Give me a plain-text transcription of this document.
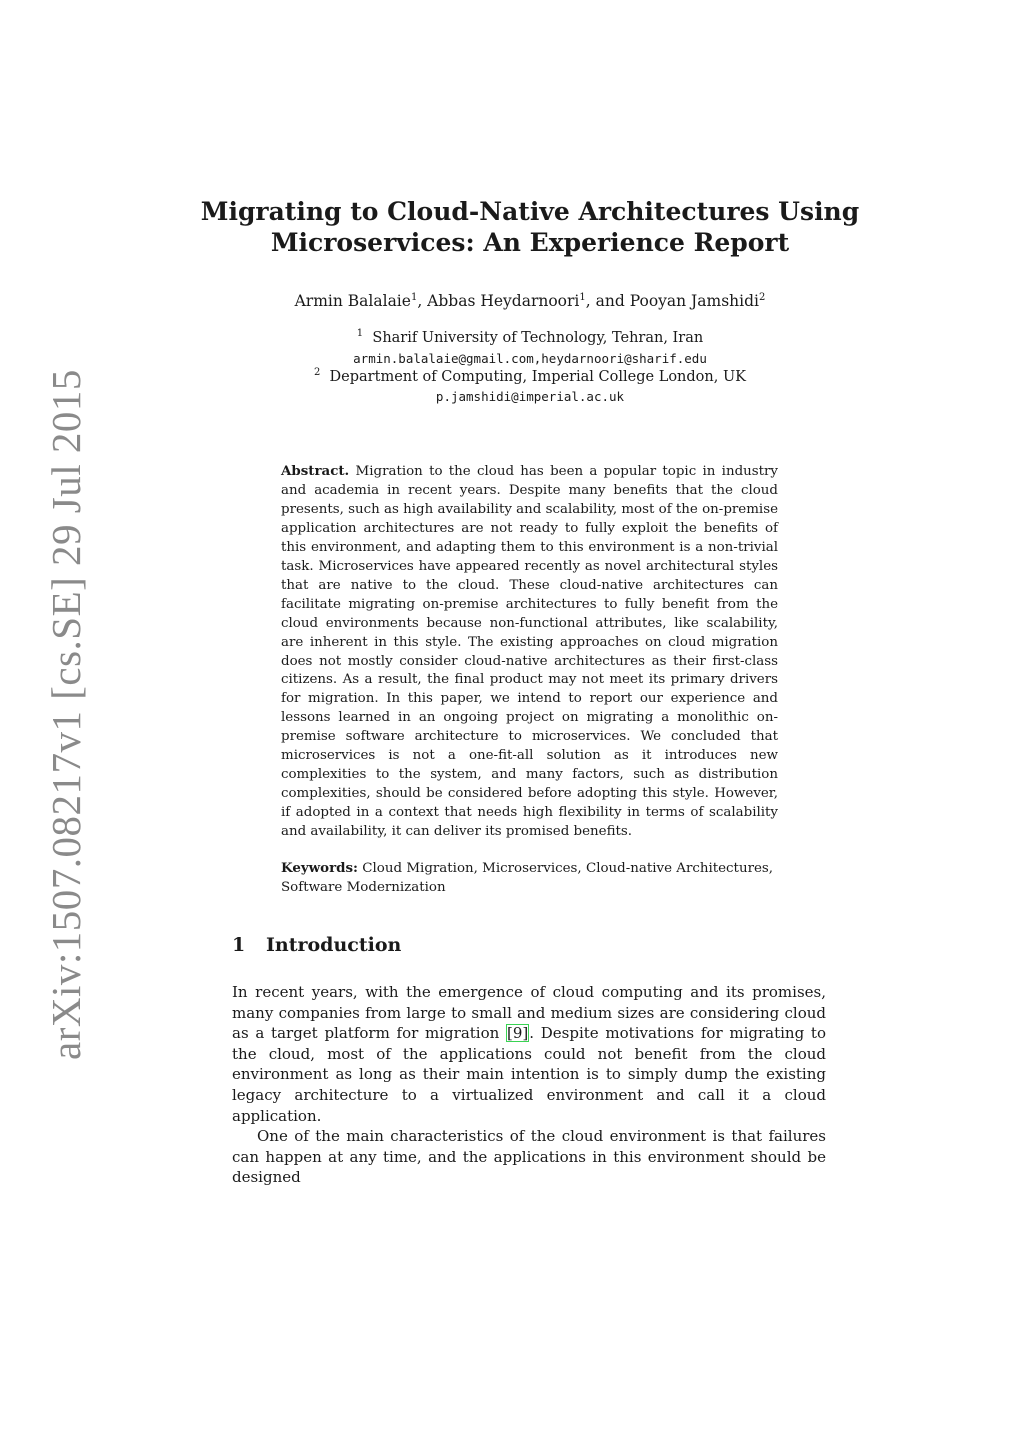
arXiv:1507.08217v1 [cs.SE] 29 Jul 2015
Migrating to Cloud-Native Architectures Using
Microservices: An Experience Report
Armin Balalaie$^1$, Abbas Heydarnoori$^1$, and Pooyan Jamshidi$^2$
$^1$ Sharif University of Technology, Tehran, Iran
armin.balalaie@gmail.com,heydarnoori@sharif.edu
$^2$ Department of Computing, Imperial College London, UK
p.jamshidi@imperial.ac.uk
Abstract. Migration to the cloud has been a popular topic in industry and academia in recent years. Despite many benefits that the cloud presents, such as high availability and scalability, most of the on-premise application architectures are not ready to fully exploit the benefits of this environment, and adapting them to this environment is a non-trivial task. Microservices have appeared recently as novel architectural styles that are native to the cloud. These cloud-native architectures can facilitate migrating on-premise architectures to fully benefit from the cloud environments because non-functional attributes, like scalability, are inherent in this style. The existing approaches on cloud migration does not mostly consider cloud-native architectures as their first-class citizens. As a result, the final product may not meet its primary drivers for migration. In this paper, we intend to report our experience and lessons learned in an ongoing project on migrating a monolithic on-premise software architecture to microservices. We concluded that microservices is not a one-fit-all solution as it introduces new complexities to the system, and many factors, such as distribution complexities, should be considered before adopting this style. However, if adopted in a context that needs high flexibility in terms of scalability and availability, it can deliver its promised benefits.
Keywords: Cloud Migration, Microservices, Cloud-native Architectures, Software Modernization
1 Introduction

In recent years, with the emergence of cloud computing and its promises, many companies from large to small and medium sizes are considering cloud as a target platform for migration [9]. Despite motivations for migrating to the cloud, most of the applications could not benefit from the cloud environment as long as their main intention is to simply dump the existing legacy architecture to a virtualized environment and call it a cloud application.

One of the main characteristics of the cloud environment is that failures can happen at any time, and the applications in this environment should be designed
